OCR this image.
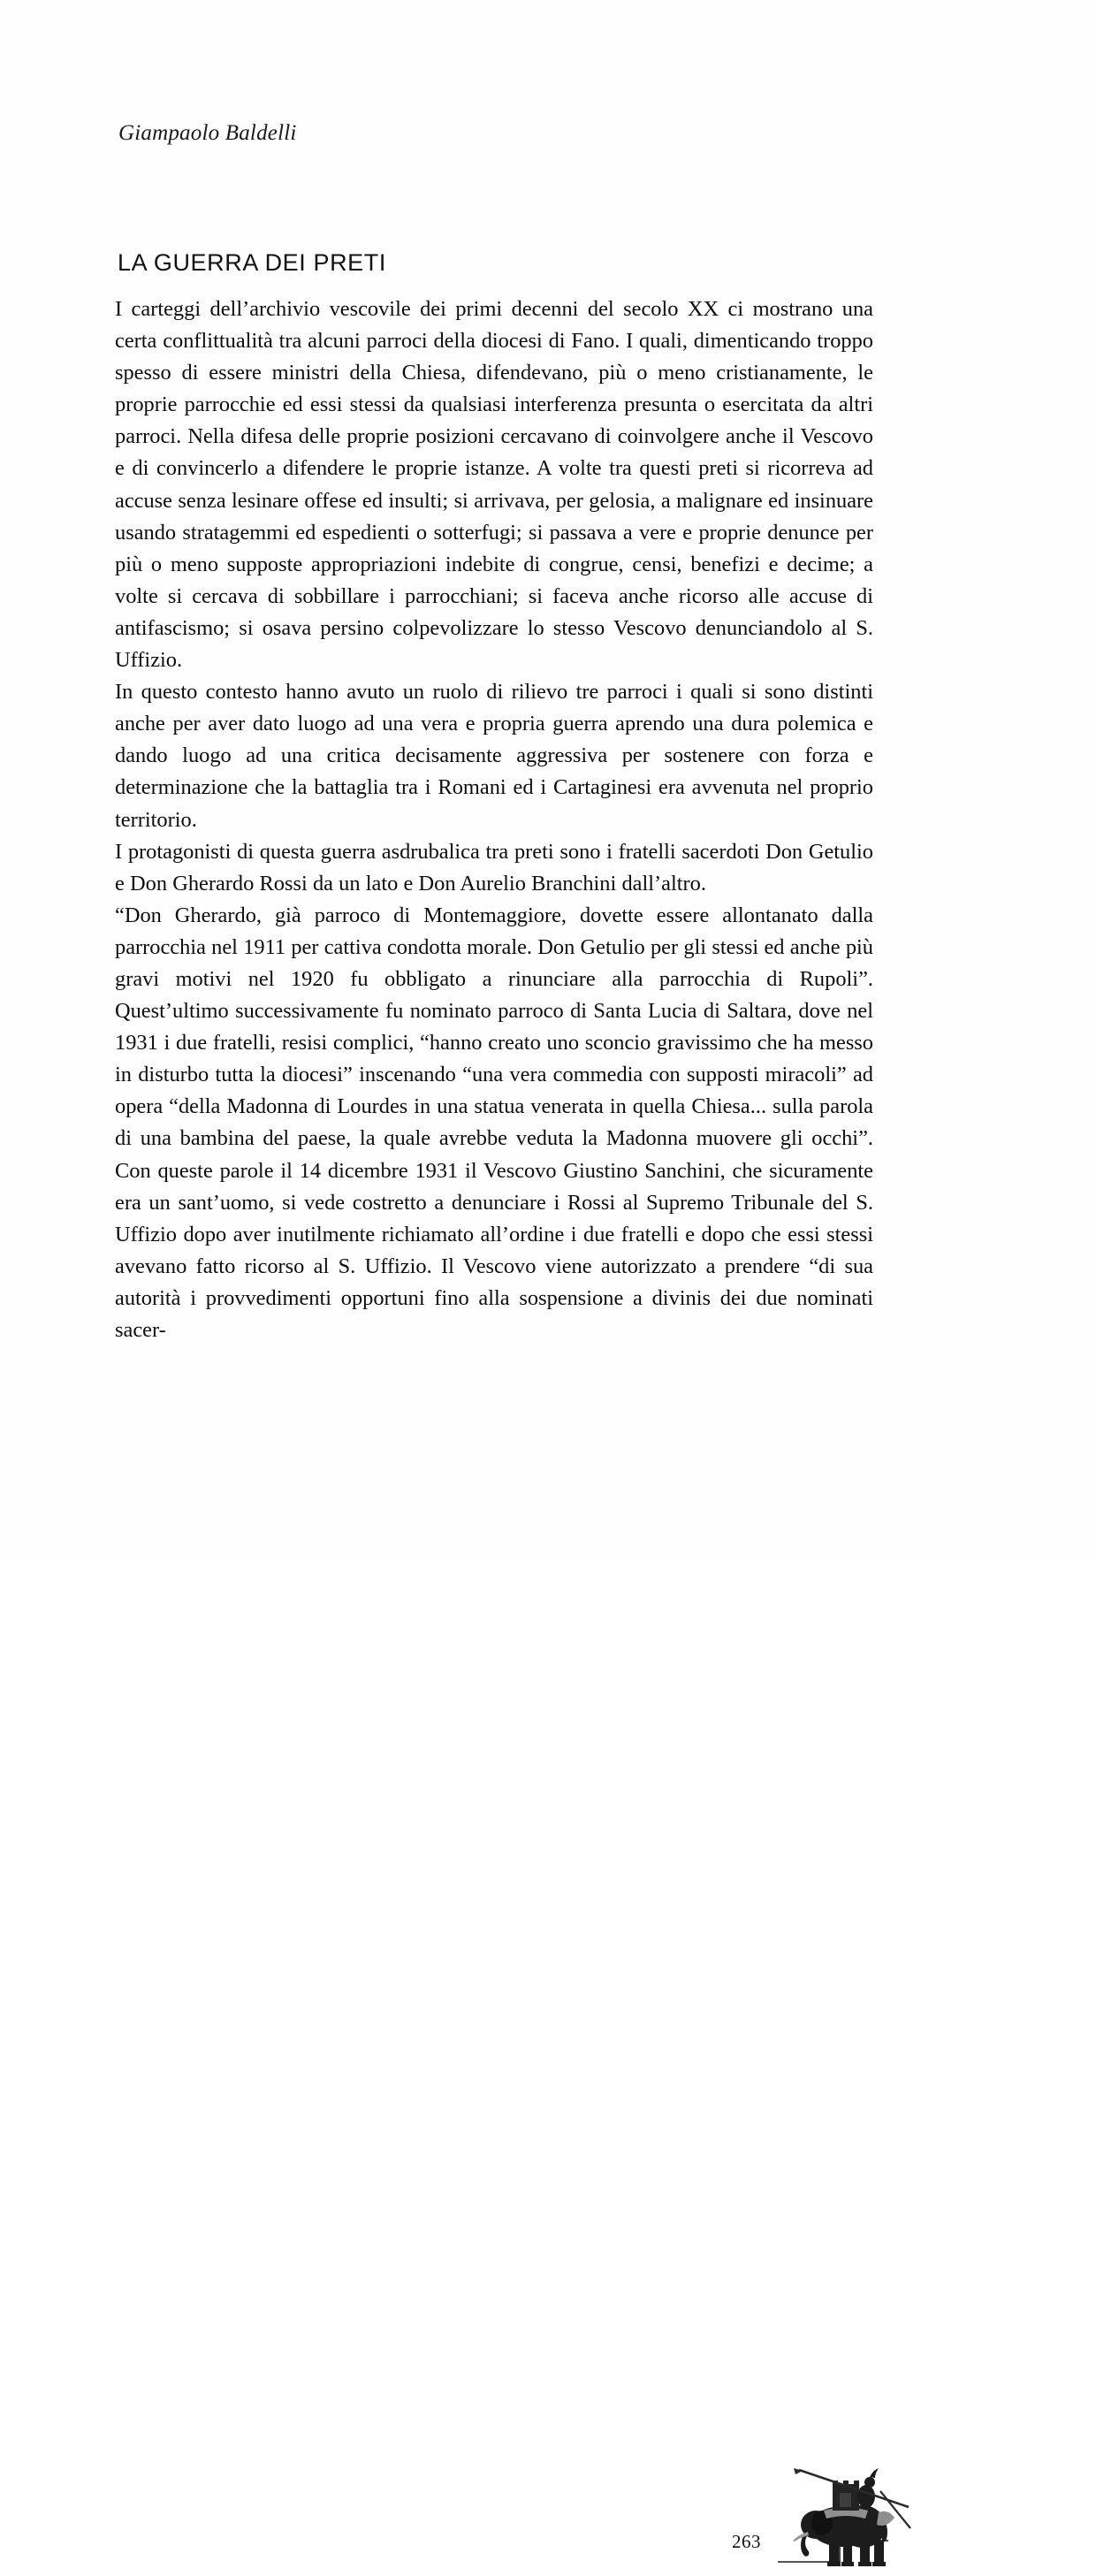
Giampaolo Baldelli
LA GUERRA DEI PRETI

I carteggi dell’archivio vescovile dei primi decenni del secolo XX ci mostrano una certa conflittualità tra alcuni parroci della diocesi di Fano. I quali, dimenticando troppo spesso di essere ministri della Chiesa, difendevano, più o meno cristianamente, le proprie parrocchie ed essi stessi da qualsiasi interferenza presunta o esercitata da altri parroci. Nella difesa delle proprie posizioni cercavano di coinvolgere anche il Vescovo e di convincerlo a difendere le proprie istanze. A volte tra questi preti si ricorreva ad accuse senza lesinare offese ed insulti; si arrivava, per gelosia, a malignare ed insinuare usando stratagemmi ed espedienti o sotterfugi; si passava a vere e proprie denunce per più o meno supposte appropriazioni indebite di congrue, censi, benefizi e decime; a volte si cercava di sobbillare i parrocchiani; si faceva anche ricorso alle accuse di antifascismo; si osava persino colpevolizzare lo stesso Vescovo denunciandolo al S. Uffizio.

In questo contesto hanno avuto un ruolo di rilievo tre parroci i quali si sono distinti anche per aver dato luogo ad una vera e propria guerra aprendo una dura polemica e dando luogo ad una critica decisamente aggressiva per sostenere con forza e determinazione che la battaglia tra i Romani ed i Cartaginesi era avvenuta nel proprio territorio.

I protagonisti di questa guerra asdrubalica tra preti sono i fratelli sacerdoti Don Getulio e Don Gherardo Rossi da un lato e Don Aurelio Branchini dall’altro.

“Don Gherardo, già parroco di Montemaggiore, dovette essere allontanato dalla parrocchia nel 1911 per cattiva condotta morale. Don Getulio per gli stessi ed anche più gravi motivi nel 1920 fu obbligato a rinunciare alla parrocchia di Rupoli”. Quest’ultimo successivamente fu nominato parroco di Santa Lucia di Saltara, dove nel 1931 i due fratelli, resisi complici, “hanno creato uno sconcio gravissimo che ha messo in disturbo tutta la diocesi” inscenando “una vera commedia con supposti miracoli” ad opera “della Madonna di Lourdes in una statua venerata in quella Chiesa... sulla parola di una bambina del paese, la quale avrebbe veduta la Madonna muovere gli occhi”. Con queste parole il 14 dicembre 1931 il Vescovo Giustino Sanchini, che sicuramente era un sant’uomo, si vede costretto a denunciare i Rossi al Supremo Tribunale del S. Uffizio dopo aver inutilmente richiamato all’ordine i due fratelli e dopo che essi stessi avevano fatto ricorso al S. Uffizio. Il Vescovo viene autorizzato a prendere “di sua autorità i provvedimenti opportuni fino alla sospensione a divinis dei due nominati sacer-

263
